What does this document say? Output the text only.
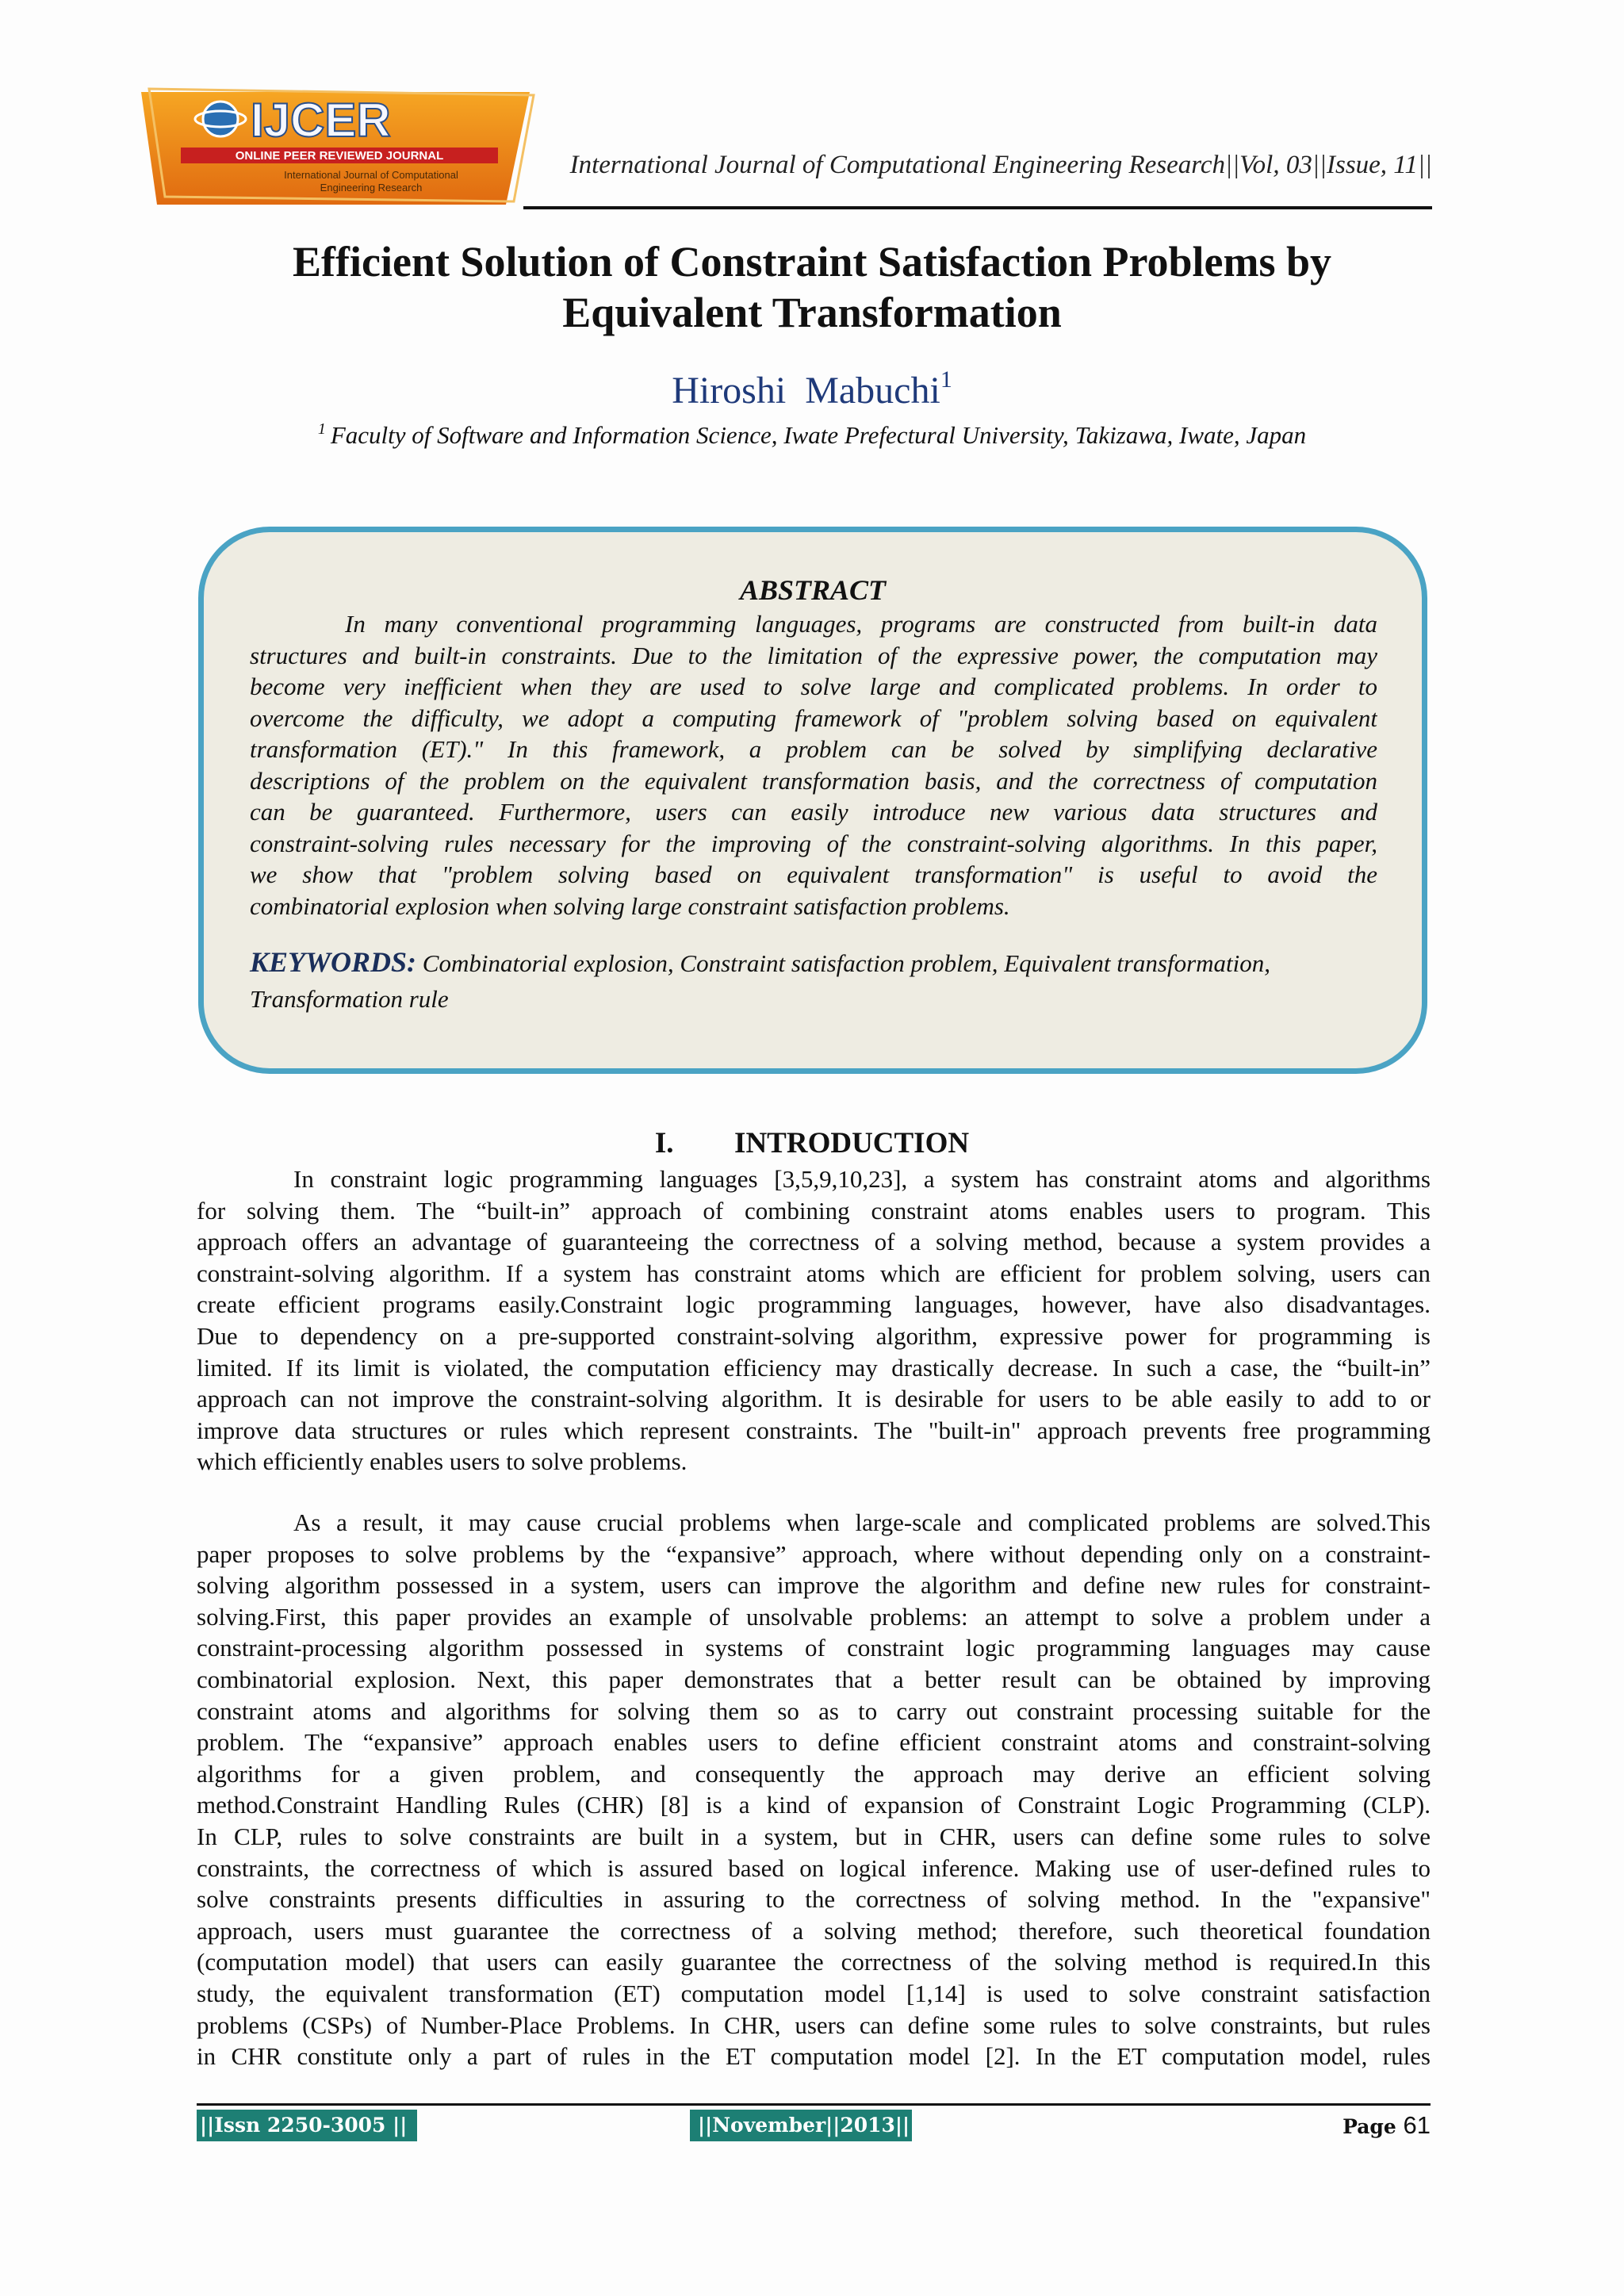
IJCER
ONLINE PEER REVIEWED JOURNAL
International Journal of Computational
Engineering Research
International Journal of Computational Engineering Research||Vol, 03||Issue, 11||
Efficient Solution of Constraint Satisfaction Problems by
Equivalent Transformation
Hiroshi  Mabuchi$^1$
$^1$ Faculty of Software and Information Science, Iwate Prefectural University, Takizawa, Iwate, Japan
ABSTRACT
In many conventional programming languages, programs are constructed from built-in data
structures and built-in constraints. Due to the limitation of the expressive power, the computation may
become very inefficient when they are used to solve large and complicated problems. In order to
overcome the difficulty, we adopt a computing framework of "problem solving based on equivalent
transformation (ET)." In this framework, a problem can be solved by simplifying declarative
descriptions of the problem on the equivalent transformation basis, and the correctness of computation
can be guaranteed. Furthermore, users can easily introduce new various data structures and
constraint-solving rules necessary for the improving of the constraint-solving algorithms. In this paper,
we show that "problem solving based on equivalent transformation" is useful to avoid the
combinatorial explosion when solving large constraint satisfaction problems.
KEYWORDS: Combinatorial explosion, Constraint satisfaction problem, Equivalent transformation,
Transformation rule
I. INTRODUCTION
In constraint logic programming languages [3,5,9,10,23], a system has constraint atoms and algorithms
for solving them. The “built-in” approach of combining constraint atoms enables users to program. This
approach offers an advantage of guaranteeing the correctness of a solving method, because a system provides a
constraint-solving algorithm. If a system has constraint atoms which are efficient for problem solving, users can
create efficient programs easily.Constraint logic programming languages, however, have also disadvantages.
Due to dependency on a pre-supported constraint-solving algorithm, expressive power for programming is
limited. If its limit is violated, the computation efficiency may drastically decrease. In such a case, the “built-in”
approach can not improve the constraint-solving algorithm. It is desirable for users to be able easily to add to or
improve data structures or rules which represent constraints. The "built-in" approach prevents free programming
which efficiently enables users to solve problems.
As a result, it may cause crucial problems when large-scale and complicated problems are solved.This
paper proposes to solve problems by the “expansive” approach, where without depending only on a constraint-
solving algorithm possessed in a system, users can improve the algorithm and define new rules for constraint-
solving.First, this paper provides an example of unsolvable problems: an attempt to solve a problem under a
constraint-processing algorithm possessed in systems of constraint logic programming languages may cause
combinatorial explosion. Next, this paper demonstrates that a better result can be obtained by improving
constraint atoms and algorithms for solving them so as to carry out constraint processing suitable for the
problem. The “expansive” approach enables users to define efficient constraint atoms and constraint-solving
algorithms for a given problem, and consequently the approach may derive an efficient solving
method.Constraint Handling Rules (CHR) [8] is a kind of expansion of Constraint Logic Programming (CLP).
In CLP, rules to solve constraints are built in a system, but in CHR, users can define some rules to solve
constraints, the correctness of which is assured based on logical inference. Making use of user-defined rules to
solve constraints presents difficulties in assuring to the correctness of solving method. In the "expansive"
approach, users must guarantee the correctness of a solving method; therefore, such theoretical foundation
(computation model) that users can easily guarantee the correctness of the solving method is required.In this
study, the equivalent transformation (ET) computation model [1,14] is used to solve constraint satisfaction
problems (CSPs) of Number-Place Problems. In CHR, users can define some rules to solve constraints, but rules
in CHR constitute only a part of rules in the ET computation model [2]. In the ET computation model, rules
||Issn 2250-3005 ||	||November||2013||	Page 61
